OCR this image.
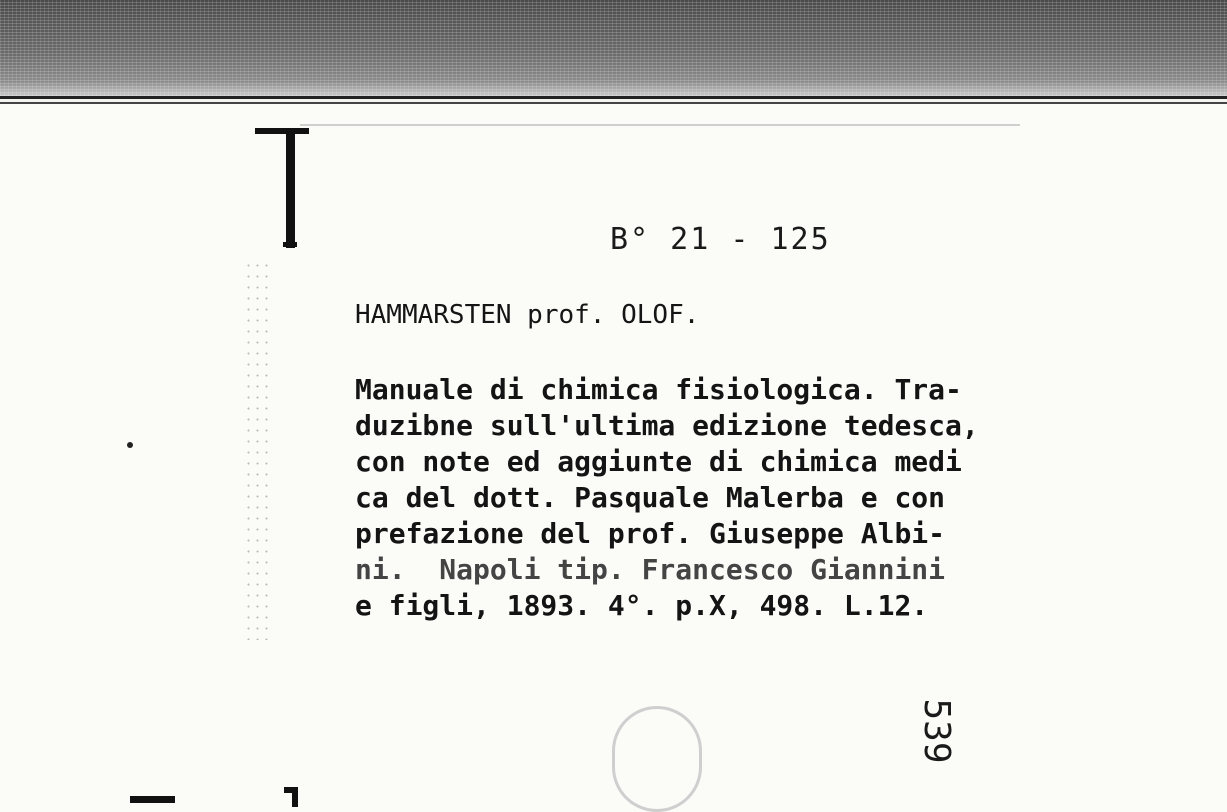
B° 21 - 125
HAMMARSTEN prof. OLOF.
Manuale di chimica fisiologica. Tra-
duzibne sull'ultima edizione tedesca,
con note ed aggiunte di chimica medi
ca del dott. Pasquale Malerba e con
prefazione del prof. Giuseppe Albi-
ni.  Napoli tip. Francesco Giannini
e figli, 1893. 4°. p.X, 498. L.12.
539
